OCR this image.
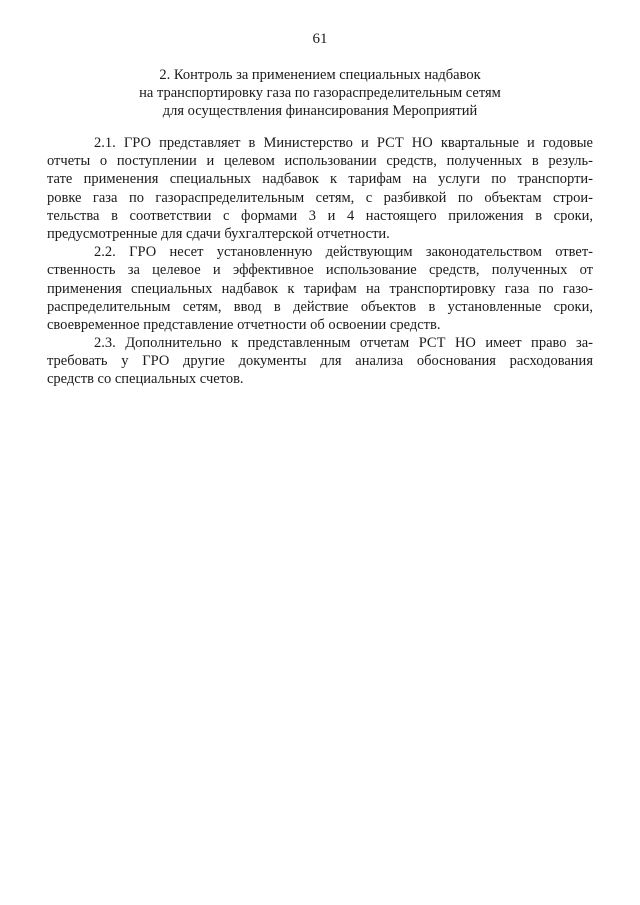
61
2. Контроль за применением специальных надбавок
на транспортировку газа по газораспределительным сетям
для осуществления финансирования Мероприятий
2.1. ГРО представляет в Министерство и РСТ НО квартальные и годовые
отчеты о поступлении и целевом использовании средств, полученных в резуль-
тате применения специальных надбавок к тарифам на услуги по транспорти-
ровке газа по газораспределительным сетям, с разбивкой по объектам строи-
тельства в соответствии с формами 3 и 4 настоящего приложения в сроки,
предусмотренные для сдачи бухгалтерской отчетности.
2.2. ГРО несет установленную действующим законодательством ответ-
ственность за целевое и эффективное использование средств, полученных от
применения специальных надбавок к тарифам на транспортировку газа по газо-
распределительным сетям, ввод в действие объектов в установленные сроки,
своевременное представление отчетности об освоении средств.
2.3. Дополнительно к представленным отчетам РСТ НО имеет право за-
требовать у ГРО другие документы для анализа обоснования расходования
средств со специальных счетов.
